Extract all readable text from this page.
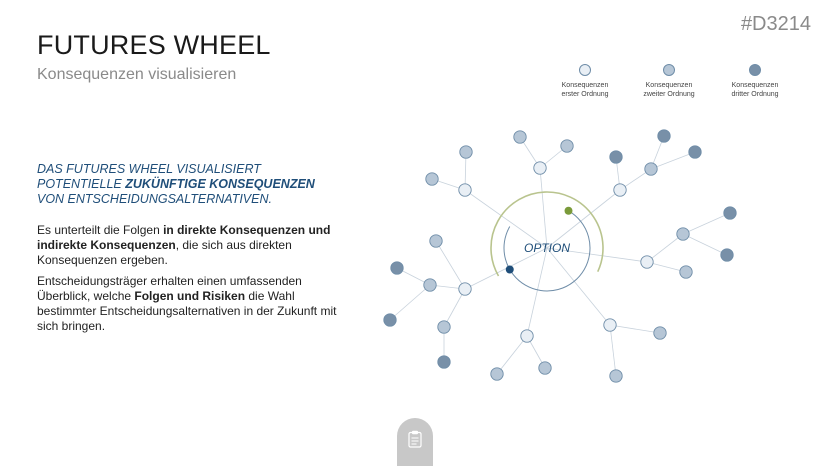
FUTURES WHEEL
Konsequenzen visualisieren
#D3214
Konsequenzen
erster Ordnung
Konsequenzen
zweiter Ordnung
Konsequenzen
dritter Ordnung
DAS FUTURES WHEEL VISUALISIERT POTENTIELLE ZUKÜNFTIGE KONSEQUENZEN VON ENTSCHEIDUNGSALTERNATIVEN.
Es unterteilt die Folgen in direkte Konsequenzen und indirekte Konsequenzen, die sich aus direkten Konsequenzen ergeben.
Entscheidungsträger erhalten einen umfassenden Überblick, welche Folgen und Risiken die Wahl bestimmter Entscheidungsalternativen in der Zukunft mit sich bringen.
OPTION
